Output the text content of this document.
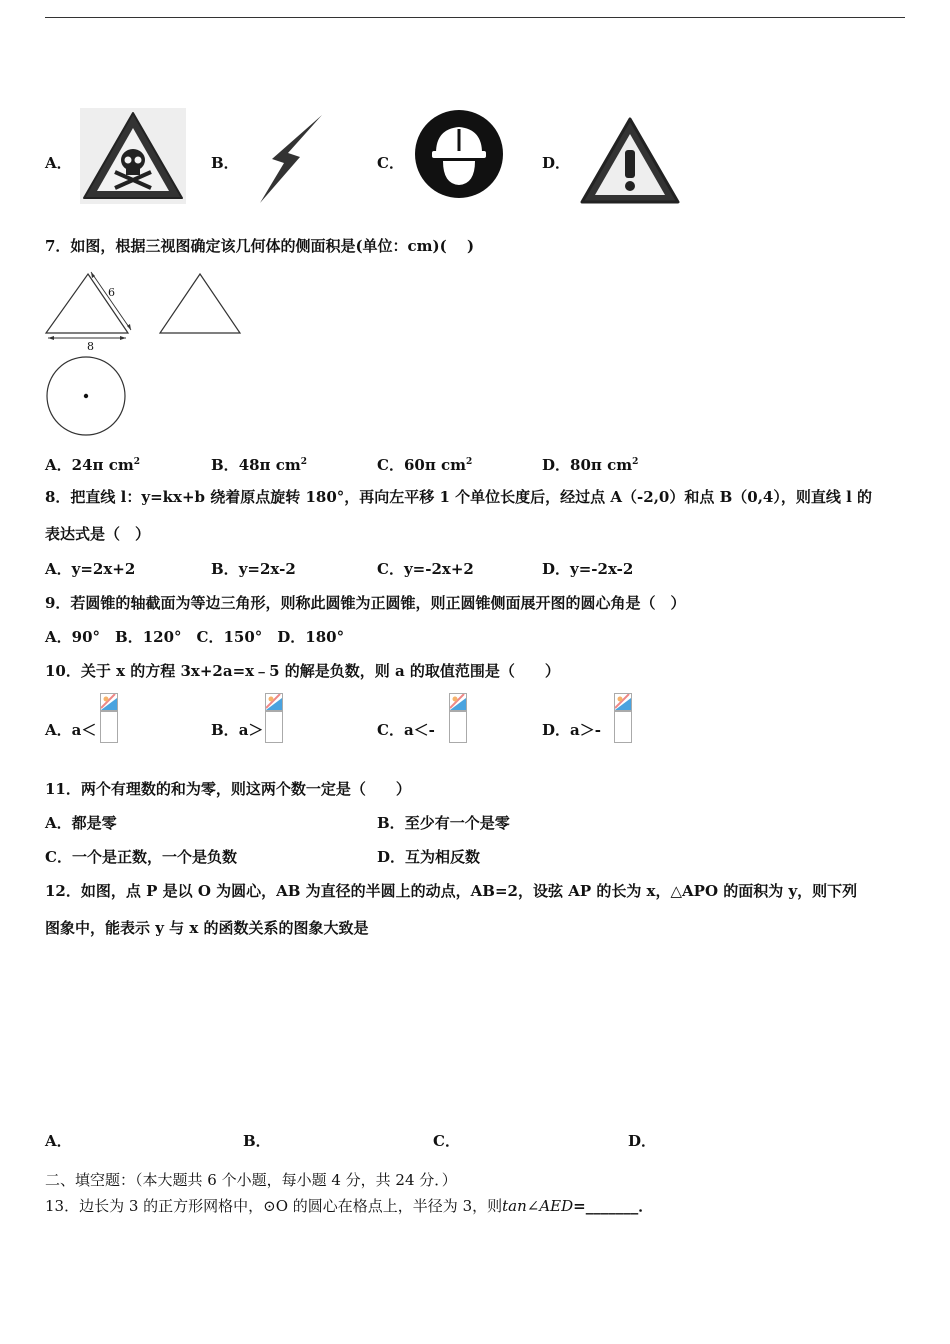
A．	B．	C．	D．
7．如图，根据三视图确定该几何体的侧面积是(单位：cm)(　 )
6
8
A．24π $cm^2$	B．48π $cm^2$	C．60π $cm^2$	D．80π $cm^2$
8．把直线 l：y=kx+b 绕着原点旋转 180°，再向左平移 1 个单位长度后，经过点 A（-2,0）和点 B（0,4），则直线 l 的
表达式是（　）
A．y=2x+2	B．y=2x-2	C．y=-2x+2	D．y=-2x-2
9．若圆锥的轴截面为等边三角形，则称此圆锥为正圆锥，则正圆锥侧面展开图的圆心角是（　）
A．90°　B．120°　C．150°　D．180°
10．关于 x 的方程 3x+2a=x﹣5 的解是负数，则 a 的取值范围是（　　）
A．a＜	B．a＞	C．a＜-	D．a＞-
11．两个有理数的和为零，则这两个数一定是（　　）
A．都是零	B．至少有一个是零
C．一个是正数，一个是负数	D．互为相反数
12．如图，点 P 是以 O 为圆心，AB 为直径的半圆上的动点，AB=2，设弦 AP 的长为 x，△APO 的面积为 y，则下列
图象中，能表示 y 与 x 的函数关系的图象大致是
A．	B．	C．	D．
二、填空题：（本大题共 6 个小题，每小题 4 分，共 24 分．）
13．边长为 3 的正方形网格中，⊙O 的圆心在格点上，半径为 3，则tan∠AED=_______．
